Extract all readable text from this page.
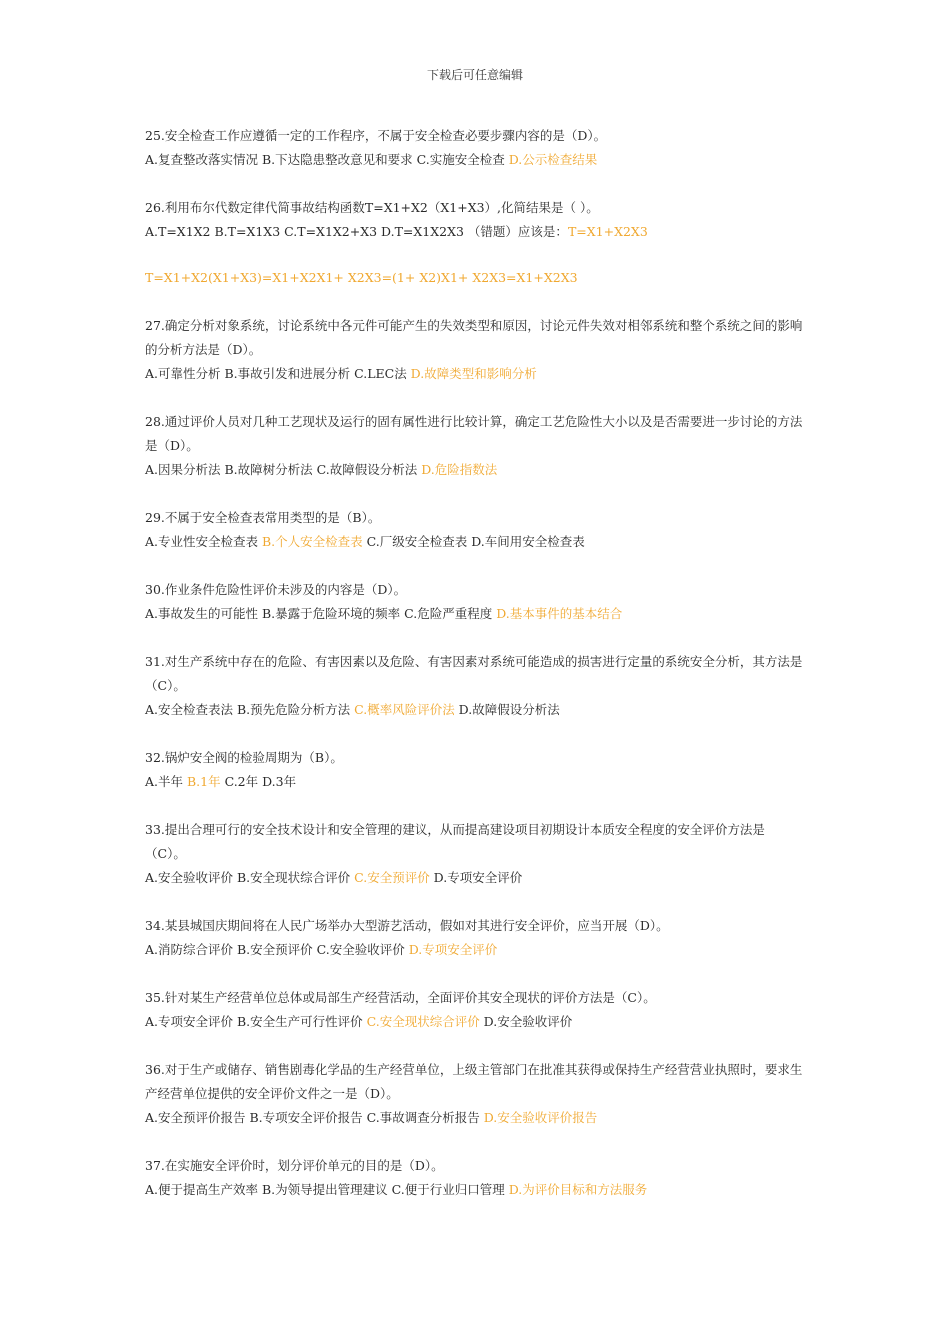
下载后可任意编辑
25.安全检查工作应遵循一定的工作程序，不属于安全检查必要步骤内容的是（D）。
A.复查整改落实情况 B.下达隐患整改意见和要求 C.实施安全检查 D.公示检查结果
26.利用布尔代数定律代简事故结构函数T=X1+X2（X1+X3）,化简结果是（ ）。
A.T=X1X2 B.T=X1X3 C.T=X1X2+X3 D.T=X1X2X3 （错题）应该是：T=X1+X2X3
T=X1+X2(X1+X3)=X1+X2X1+ X2X3=(1+ X2)X1+ X2X3=X1+X2X3
27.确定分析对象系统，讨论系统中各元件可能产生的失效类型和原因，讨论元件失效对相邻系统和整个系统之间的影响的分析方法是（D）。
A.可靠性分析 B.事故引发和进展分析 C.LEC法 D.故障类型和影响分析
28.通过评价人员对几种工艺现状及运行的固有属性进行比较计算，确定工艺危险性大小以及是否需要进一步讨论的方法是（D）。
A.因果分析法 B.故障树分析法 C.故障假设分析法 D.危险指数法
29.不属于安全检查表常用类型的是（B）。
A.专业性安全检查表 B.个人安全检查表 C.厂级安全检查表 D.车间用安全检查表
30.作业条件危险性评价未涉及的内容是（D）。
A.事故发生的可能性 B.暴露于危险环境的频率 C.危险严重程度 D.基本事件的基本结合
31.对生产系统中存在的危险、有害因素以及危险、有害因素对系统可能造成的损害进行定量的系统安全分析，其方法是（C）。
A.安全检查表法 B.预先危险分析方法 C.概率风险评价法 D.故障假设分析法
32.锅炉安全阀的检验周期为（B）。
A.半年 B.1年 C.2年 D.3年
33.提出合理可行的安全技术设计和安全管理的建议，从而提高建设项目初期设计本质安全程度的安全评价方法是（C）。
A.安全验收评价 B.安全现状综合评价 C.安全预评价 D.专项安全评价
34.某县城国庆期间将在人民广场举办大型游艺活动，假如对其进行安全评价，应当开展（D）。
A.消防综合评价 B.安全预评价 C.安全验收评价 D.专项安全评价
35.针对某生产经营单位总体或局部生产经营活动，全面评价其安全现状的评价方法是（C）。
A.专项安全评价 B.安全生产可行性评价 C.安全现状综合评价 D.安全验收评价
36.对于生产或储存、销售剧毒化学品的生产经营单位，上级主管部门在批准其获得或保持生产经营营业执照时，要求生产经营单位提供的安全评价文件之一是（D）。
A.安全预评价报告 B.专项安全评价报告 C.事故调查分析报告 D.安全验收评价报告
37.在实施安全评价时，划分评价单元的目的是（D）。
A.便于提高生产效率 B.为领导提出管理建议 C.便于行业归口管理 D.为评价目标和方法服务
